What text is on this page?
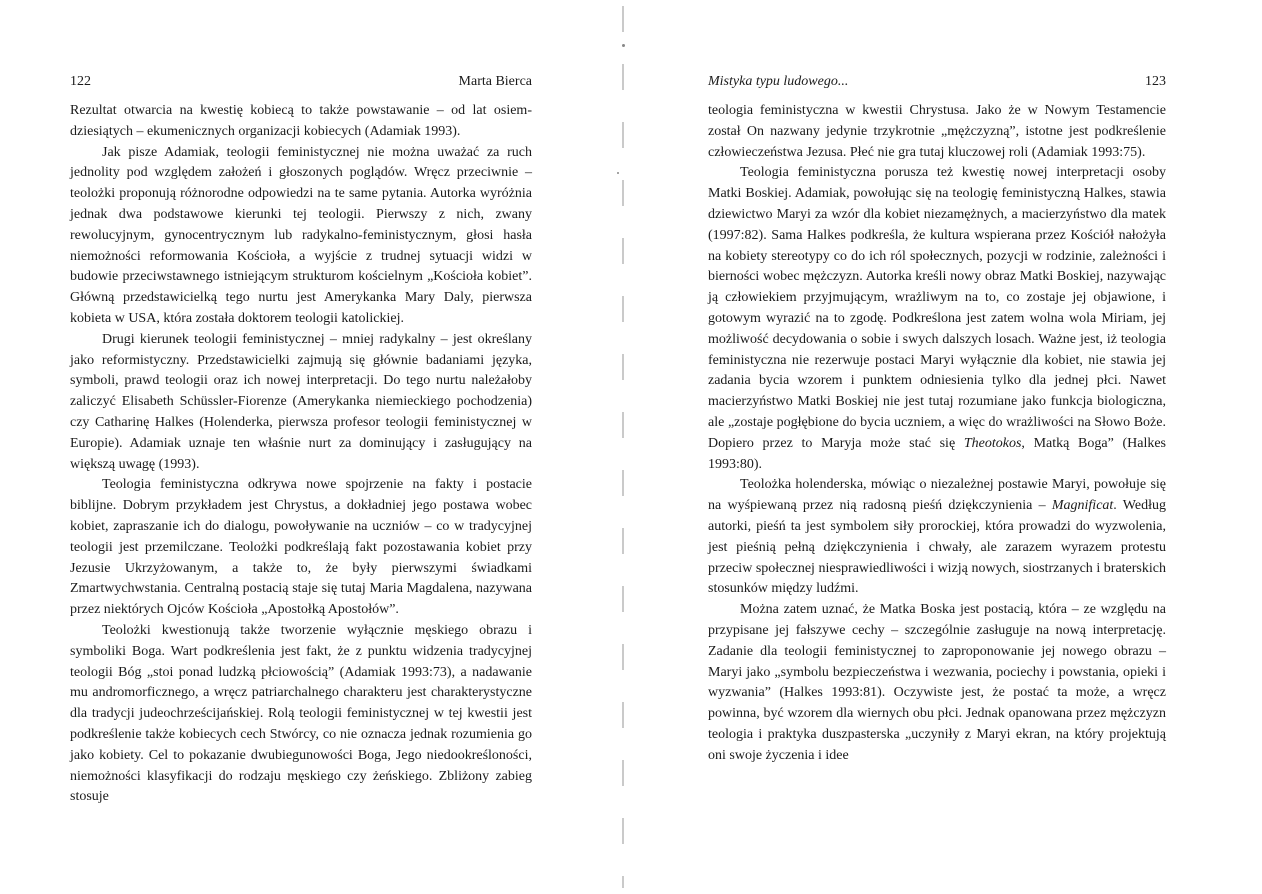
122	Marta Bierca

Rezultat otwarcia na kwestię kobiecą to także powstawanie – od lat osiemdziesiątych – ekumenicznych organizacji kobiecych (Adamiak 1993).

Jak pisze Adamiak, teologii feministycznej nie można uważać za ruch jednolity pod względem założeń i głoszonych poglądów. Wręcz przeciwnie – teolożki proponują różnorodne odpowiedzi na te same pytania. Autorka wyróżnia jednak dwa podstawowe kierunki tej teologii. Pierwszy z nich, zwany rewolucyjnym, gynocentrycznym lub radykalno-feministycznym, głosi hasła niemożności reformowania Kościoła, a wyjście z trudnej sytuacji widzi w budowie przeciwstawnego istniejącym strukturom kościelnym „Kościoła kobiet”. Główną przedstawicielką tego nurtu jest Amerykanka Mary Daly, pierwsza kobieta w USA, która została doktorem teologii katolickiej.

Drugi kierunek teologii feministycznej – mniej radykalny – jest określany jako reformistyczny. Przedstawicielki zajmują się głównie badaniami języka, symboli, prawd teologii oraz ich nowej interpretacji. Do tego nurtu należałoby zaliczyć Elisabeth Schüssler-Fiorenze (Amerykanka niemieckiego pochodzenia) czy Catharinę Halkes (Holenderka, pierwsza profesor teologii feministycznej w Europie). Adamiak uznaje ten właśnie nurt za dominujący i zasługujący na większą uwagę (1993).

Teologia feministyczna odkrywa nowe spojrzenie na fakty i postacie biblijne. Dobrym przykładem jest Chrystus, a dokładniej jego postawa wobec kobiet, zapraszanie ich do dialogu, powoływanie na uczniów – co w tradycyjnej teologii jest przemilczane. Teolożki podkreślają fakt pozostawania kobiet przy Jezusie Ukrzyżowanym, a także to, że były pierwszymi świadkami Zmartwychwstania. Centralną postacią staje się tutaj Maria Magdalena, nazywana przez niektórych Ojców Kościoła „Apostołką Apostołów”.

Teolożki kwestionują także tworzenie wyłącznie męskiego obrazu i symboliki Boga. Wart podkreślenia jest fakt, że z punktu widzenia tradycyjnej teologii Bóg „stoi ponad ludzką płciowością” (Adamiak 1993:73), a nadawanie mu andromorficznego, a wręcz patriarchalnego charakteru jest charakterystyczne dla tradycji judeochrześcijańskiej. Rolą teologii feministycznej w tej kwestii jest podkreślenie także kobiecych cech Stwórcy, co nie oznacza jednak rozumienia go jako kobiety. Cel to pokazanie dwubiegunowości Boga, Jego niedookreśloności, niemożności klasyfikacji do rodzaju męskiego czy żeńskiego. Zbliżony zabieg stosuje

Mistyka typu ludowego...	123

teologia feministyczna w kwestii Chrystusa. Jako że w Nowym Testamencie został On nazwany jedynie trzykrotnie „mężczyzną”, istotne jest podkreślenie człowieczeństwa Jezusa. Płeć nie gra tutaj kluczowej roli (Adamiak 1993:75).

Teologia feministyczna porusza też kwestię nowej interpretacji osoby Matki Boskiej. Adamiak, powołując się na teologię feministyczną Halkes, stawia dziewictwo Maryi za wzór dla kobiet niezamężnych, a macierzyństwo dla matek (1997:82). Sama Halkes podkreśla, że kultura wspierana przez Kościół nałożyła na kobiety stereotypy co do ich ról społecznych, pozycji w rodzinie, zależności i bierności wobec mężczyzn. Autorka kreśli nowy obraz Matki Boskiej, nazywając ją człowiekiem przyjmującym, wrażliwym na to, co zostaje jej objawione, i gotowym wyrazić na to zgodę. Podkreślona jest zatem wolna wola Miriam, jej możliwość decydowania o sobie i swych dalszych losach. Ważne jest, iż teologia feministyczna nie rezerwuje postaci Maryi wyłącznie dla kobiet, nie stawia jej zadania bycia wzorem i punktem odniesienia tylko dla jednej płci. Nawet macierzyństwo Matki Boskiej nie jest tutaj rozumiane jako funkcja biologiczna, ale „zostaje pogłębione do bycia uczniem, a więc do wrażliwości na Słowo Boże. Dopiero przez to Maryja może stać się Theotokos, Matką Boga” (Halkes 1993:80).

Teolożka holenderska, mówiąc o niezależnej postawie Maryi, powołuje się na wyśpiewaną przez nią radosną pieśń dziękczynienia – Magnificat. Według autorki, pieśń ta jest symbolem siły prorockiej, która prowadzi do wyzwolenia, jest pieśnią pełną dziękczynienia i chwały, ale zarazem wyrazem protestu przeciw społecznej niesprawiedliwości i wizją nowych, siostrzanych i braterskich stosunków między ludźmi.

Można zatem uznać, że Matka Boska jest postacią, która – ze względu na przypisane jej fałszywe cechy – szczególnie zasługuje na nową interpretację. Zadanie dla teologii feministycznej to zaproponowanie jej nowego obrazu – Maryi jako „symbolu bezpieczeństwa i wezwania, pociechy i powstania, opieki i wyzwania” (Halkes 1993:81). Oczywiste jest, że postać ta może, a wręcz powinna, być wzorem dla wiernych obu płci. Jednak opanowana przez mężczyzn teologia i praktyka duszpasterska „uczyniły z Maryi ekran, na który projektują oni swoje życzenia i idee
